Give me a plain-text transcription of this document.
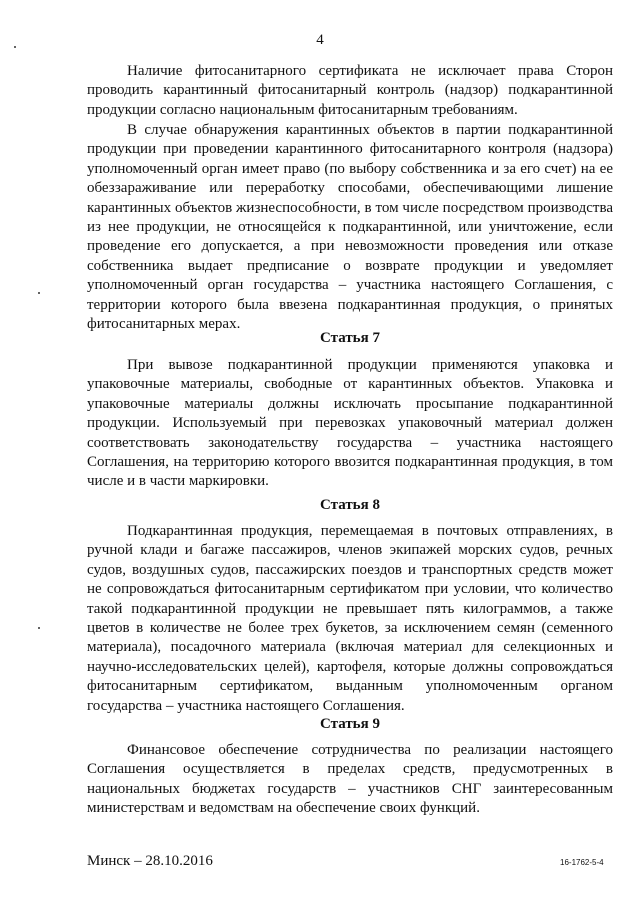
4

Наличие фитосанитарного сертификата не исключает права Сторон проводить карантинный фитосанитарный контроль (надзор) подкарантинной продукции согласно национальным фитосанитарным требованиям.

В случае обнаружения карантинных объектов в партии подкарантинной продукции при проведении карантинного фитосанитарного контроля (надзора) уполномоченный орган имеет право (по выбору собственника и за его счет) на ее обеззараживание или переработку способами, обеспечивающими лишение карантинных объектов жизнеспособности, в том числе посредством производства из нее продукции, не относящейся к подкарантинной, или уничтожение, если проведение его допускается, а при невозможности проведения или отказе собственника выдает предписание о возврате продукции и уведомляет уполномоченный орган государства – участника настоящего Соглашения, с территории которого была ввезена подкарантинная продукция, о принятых фитосанитарных мерах.

Статья 7

При вывозе подкарантинной продукции применяются упаковка и упаковочные материалы, свободные от карантинных объектов. Упаковка и упаковочные материалы должны исключать просыпание подкарантинной продукции. Используемый при перевозках упаковочный материал должен соответствовать законодательству государства – участника настоящего Соглашения, на территорию которого ввозится подкарантинная продукция, в том числе и в части маркировки.

Статья 8

Подкарантинная продукция, перемещаемая в почтовых отправлениях, в ручной клади и багаже пассажиров, членов экипажей морских судов, речных судов, воздушных судов, пассажирских поездов и транспортных средств может не сопровождаться фитосанитарным сертификатом при условии, что количество такой подкарантинной продукции не превышает пять килограммов, а также цветов в количестве не более трех букетов, за исключением семян (семенного материала), посадочного материала (включая материал для селекционных и научно-исследовательских целей), картофеля, которые должны сопровождаться фитосанитарным сертификатом, выданным уполномоченным органом государства – участника настоящего Соглашения.

Статья 9

Финансовое обеспечение сотрудничества по реализации настоящего Соглашения осуществляется в пределах средств, предусмотренных в национальных бюджетах государств – участников СНГ заинтересованным министерствам и ведомствам на обеспечение своих функций.

Минск – 28.10.2016	16-1762-5-4
